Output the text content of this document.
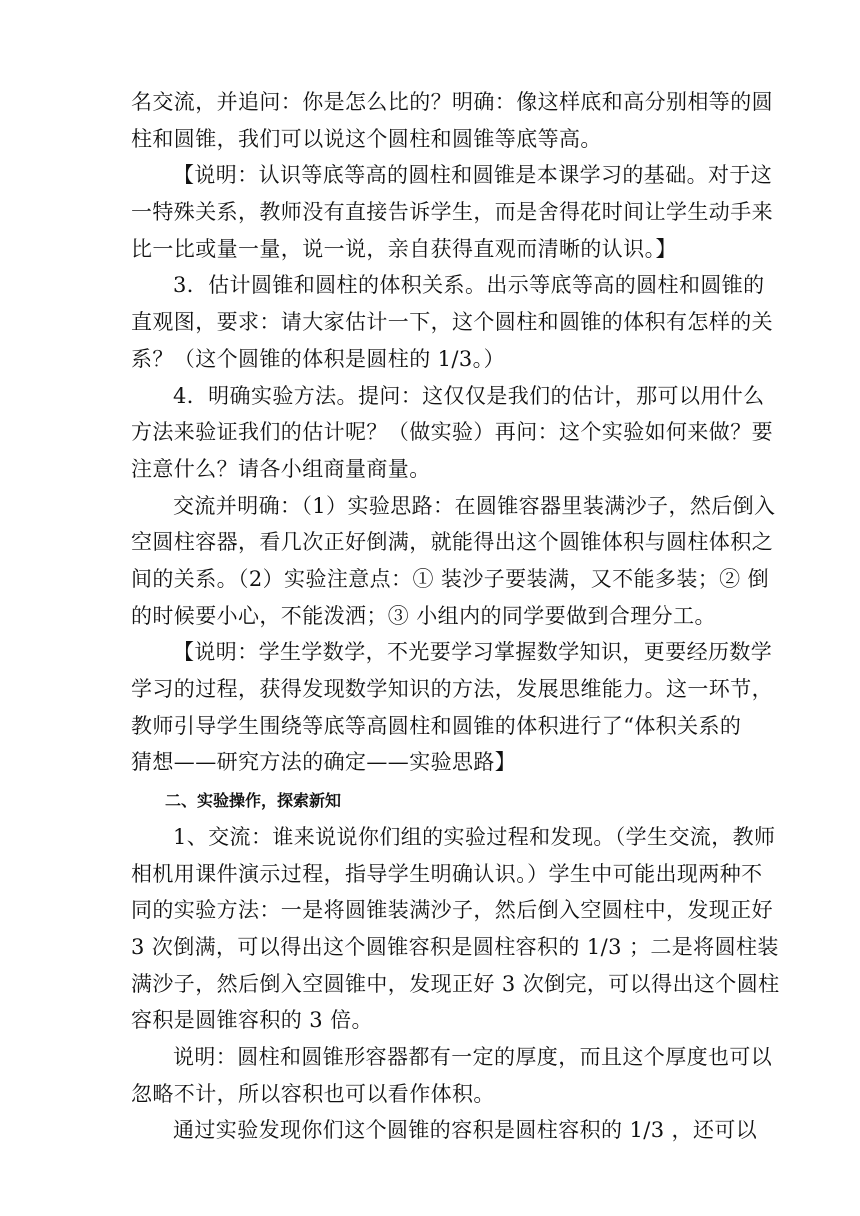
名交流，并追问：你是怎么比的？明确：像这样底和高分别相等的圆
柱和圆锥，我们可以说这个圆柱和圆锥等底等高。
【说明：认识等底等高的圆柱和圆锥是本课学习的基础。对于这
一特殊关系，教师没有直接告诉学生，而是舍得花时间让学生动手来
比一比或量一量，说一说，亲自获得直观而清晰的认识。】
3．估计圆锥和圆柱的体积关系。出示等底等高的圆柱和圆锥的
直观图，要求：请大家估计一下，这个圆柱和圆锥的体积有怎样的关
系？（这个圆锥的体积是圆柱的 1/3。）
4．明确实验方法。提问：这仅仅是我们的估计，那可以用什么
方法来验证我们的估计呢？（做实验）再问：这个实验如何来做？要
注意什么？请各小组商量商量。
交流并明确：（1）实验思路：在圆锥容器里装满沙子，然后倒入
空圆柱容器，看几次正好倒满，就能得出这个圆锥体积与圆柱体积之
间的关系。（2）实验注意点：① 装沙子要装满，又不能多装；② 倒
的时候要小心，不能泼洒；③ 小组内的同学要做到合理分工。
【说明：学生学数学，不光要学习掌握数学知识，更要经历数学
学习的过程，获得发现数学知识的方法，发展思维能力。这一环节，
教师引导学生围绕等底等高圆柱和圆锥的体积进行了“体积关系的
猜想——研究方法的确定——实验思路】
二、实验操作，探索新知
1、交流：谁来说说你们组的实验过程和发现。（学生交流，教师
相机用课件演示过程，指导学生明确认识。）学生中可能出现两种不
同的实验方法：一是将圆锥装满沙子，然后倒入空圆柱中，发现正好
3 次倒满，可以得出这个圆锥容积是圆柱容积的 1/3 ；二是将圆柱装
满沙子，然后倒入空圆锥中，发现正好 3 次倒完，可以得出这个圆柱
容积是圆锥容积的 3 倍。
说明：圆柱和圆锥形容器都有一定的厚度，而且这个厚度也可以
忽略不计，所以容积也可以看作体积。
通过实验发现你们这个圆锥的容积是圆柱容积的 1/3 ，还可以
